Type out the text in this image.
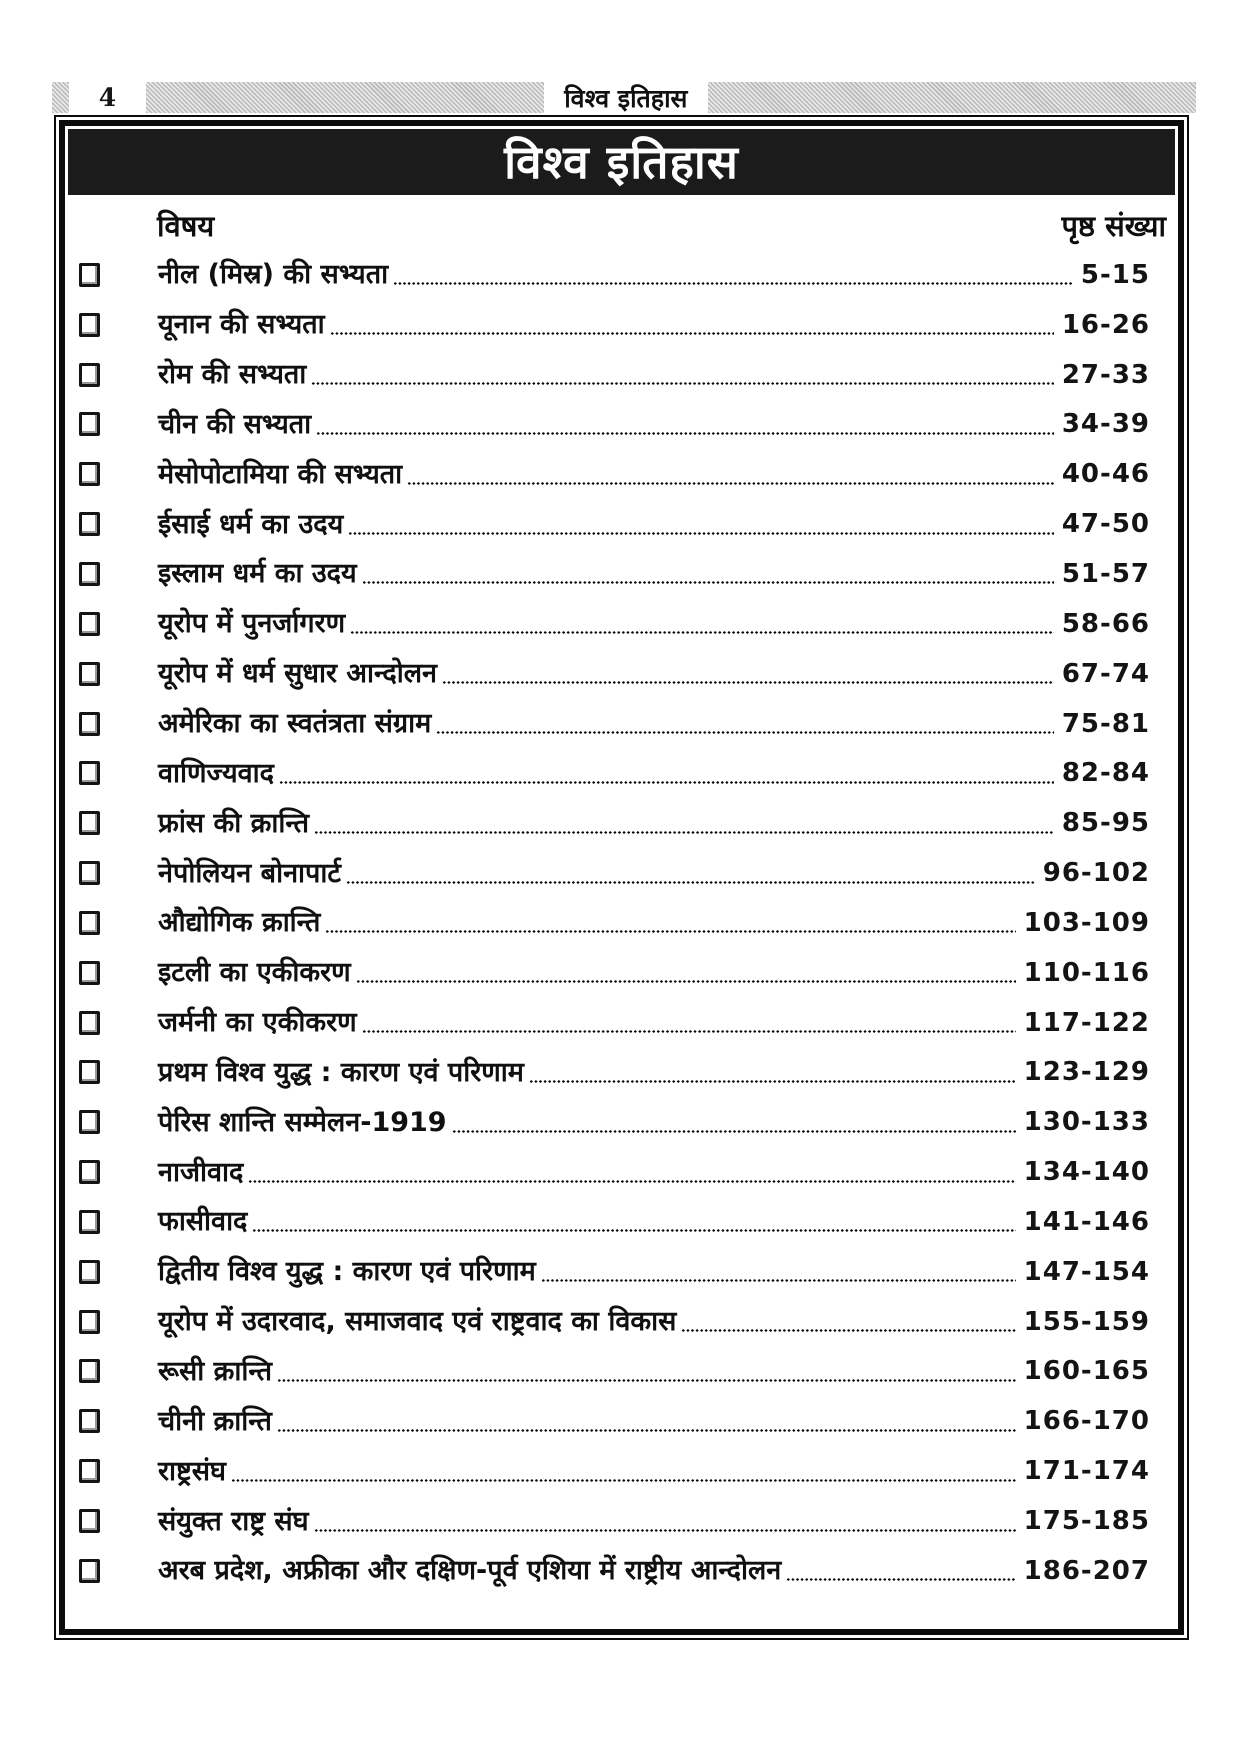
4	विश्व इतिहास
विश्व इतिहास
विषय	पृष्ठ संख्या
नील (मिस्र) की सभ्यता	5-15
यूनान की सभ्यता	16-26
रोम की सभ्यता	27-33
चीन की सभ्यता	34-39
मेसोपोटामिया की सभ्यता	40-46
ईसाई धर्म का उदय	47-50
इस्लाम धर्म का उदय	51-57
यूरोप में पुनर्जागरण	58-66
यूरोप में धर्म सुधार आन्दोलन	67-74
अमेरिका का स्वतंत्रता संग्राम	75-81
वाणिज्यवाद	82-84
फ्रांस की क्रान्ति	85-95
नेपोलियन बोनापार्ट	96-102
औद्योगिक क्रान्ति	103-109
इटली का एकीकरण	110-116
जर्मनी का एकीकरण	117-122
प्रथम विश्व युद्ध : कारण एवं परिणाम	123-129
पेरिस शान्ति सम्मेलन-1919	130-133
नाजीवाद	134-140
फासीवाद	141-146
द्वितीय विश्व युद्ध : कारण एवं परिणाम	147-154
यूरोप में उदारवाद, समाजवाद एवं राष्ट्रवाद का विकास	155-159
रूसी क्रान्ति	160-165
चीनी क्रान्ति	166-170
राष्ट्रसंघ	171-174
संयुक्त राष्ट्र संघ	175-185
अरब प्रदेश, अफ्रीका और दक्षिण-पूर्व एशिया में राष्ट्रीय आन्दोलन	186-207
